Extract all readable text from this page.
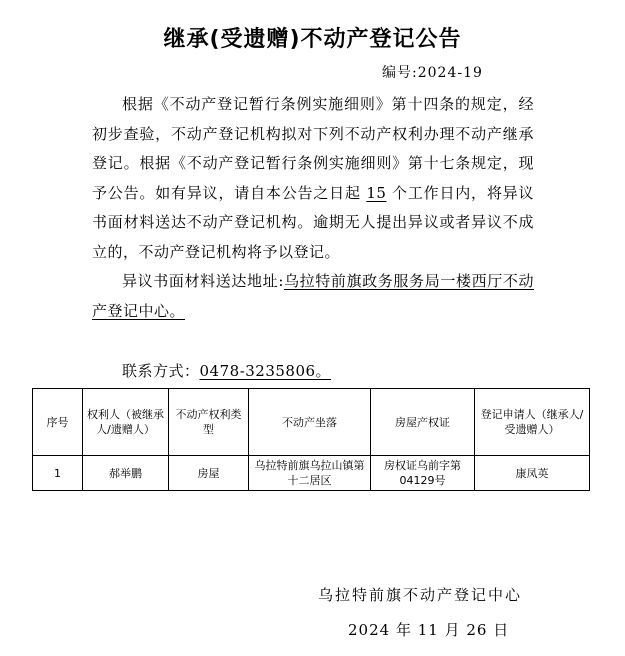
继承(受遗赠)不动产登记公告
编号:2024-19

根据《不动产登记暂行条例实施细则》第十四条的规定，经初步查验，不动产登记机构拟对下列不动产权利办理不动产继承登记。根据《不动产登记暂行条例实施细则》第十七条规定，现予公告。如有异议，请自本公告之日起 15 个工作日内，将异议书面材料送达不动产登记机构。逾期无人提出异议或者异议不成立的，不动产登记机构将予以登记。

异议书面材料送达地址:乌拉特前旗政务服务局一楼西厅不动产登记中心。

联系方式：0478-3235806。
序号	权利人（被继承人/遗赠人）	不动产权利类型	不动产坐落	房屋产权证	登记申请人（继承人/受遗赠人）
1	郝举鹏	房屋	乌拉特前旗乌拉山镇第十二居区	房权证乌前字第04129号	康凤英
乌拉特前旗不动产登记中心
2024 年 11 月 26 日
